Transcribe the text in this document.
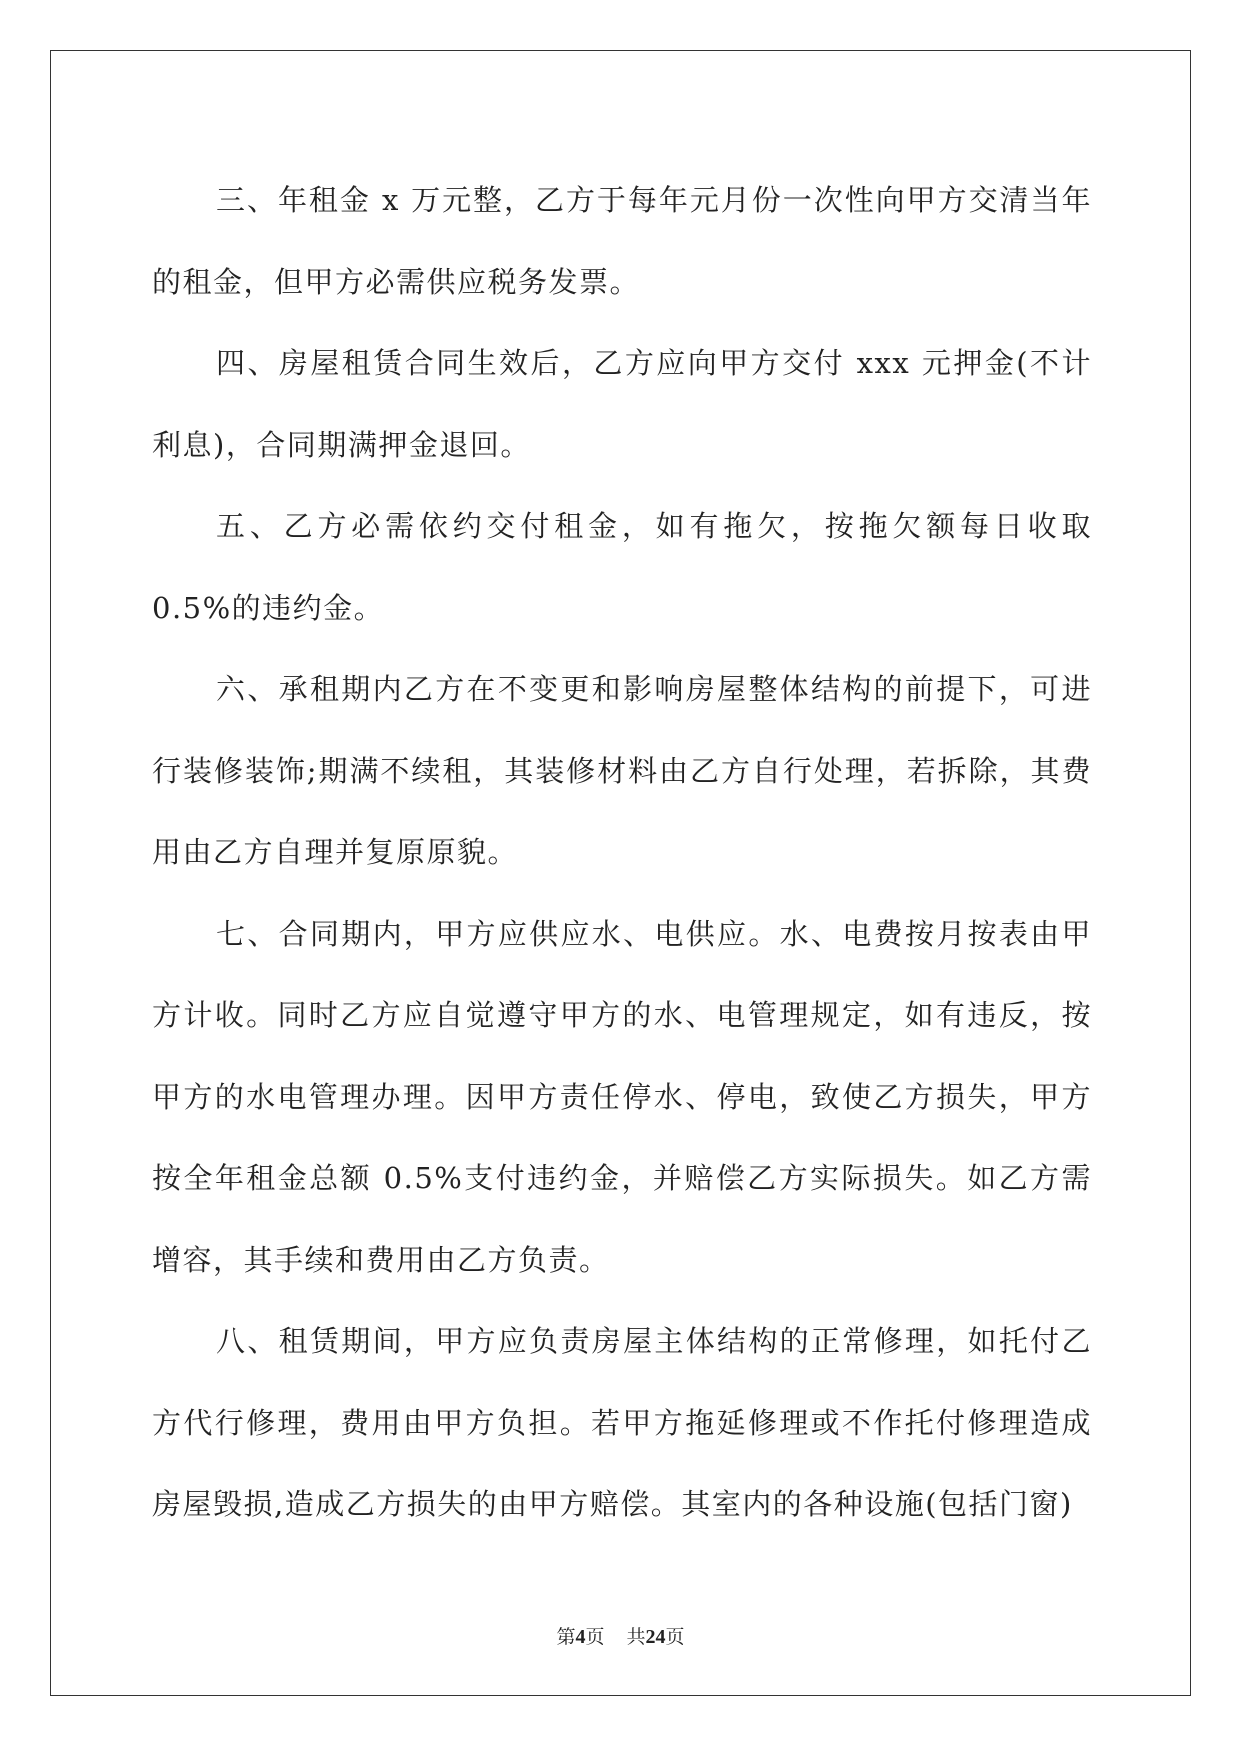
三、年租金 x 万元整，乙方于每年元月份一次性向甲方交清当年的租金，但甲方必需供应税务发票。

四、房屋租赁合同生效后，乙方应向甲方交付 xxx 元押金(不计利息)，合同期满押金退回。

五、乙方必需依约交付租金，如有拖欠，按拖欠额每日收取 0.5%的违约金。

六、承租期内乙方在不变更和影响房屋整体结构的前提下，可进行装修装饰;期满不续租，其装修材料由乙方自行处理，若拆除，其费用由乙方自理并复原原貌。

七、合同期内，甲方应供应水、电供应。水、电费按月按表由甲方计收。同时乙方应自觉遵守甲方的水、电管理规定，如有违反，按甲方的水电管理办理。因甲方责任停水、停电，致使乙方损失，甲方按全年租金总额 0.5%支付违约金，并赔偿乙方实际损失。如乙方需增容，其手续和费用由乙方负责。

八、租赁期间，甲方应负责房屋主体结构的正常修理，如托付乙方代行修理，费用由甲方负担。若甲方拖延修理或不作托付修理造成房屋毁损,造成乙方损失的由甲方赔偿。其室内的各种设施(包括门窗)

第4页 共24页
